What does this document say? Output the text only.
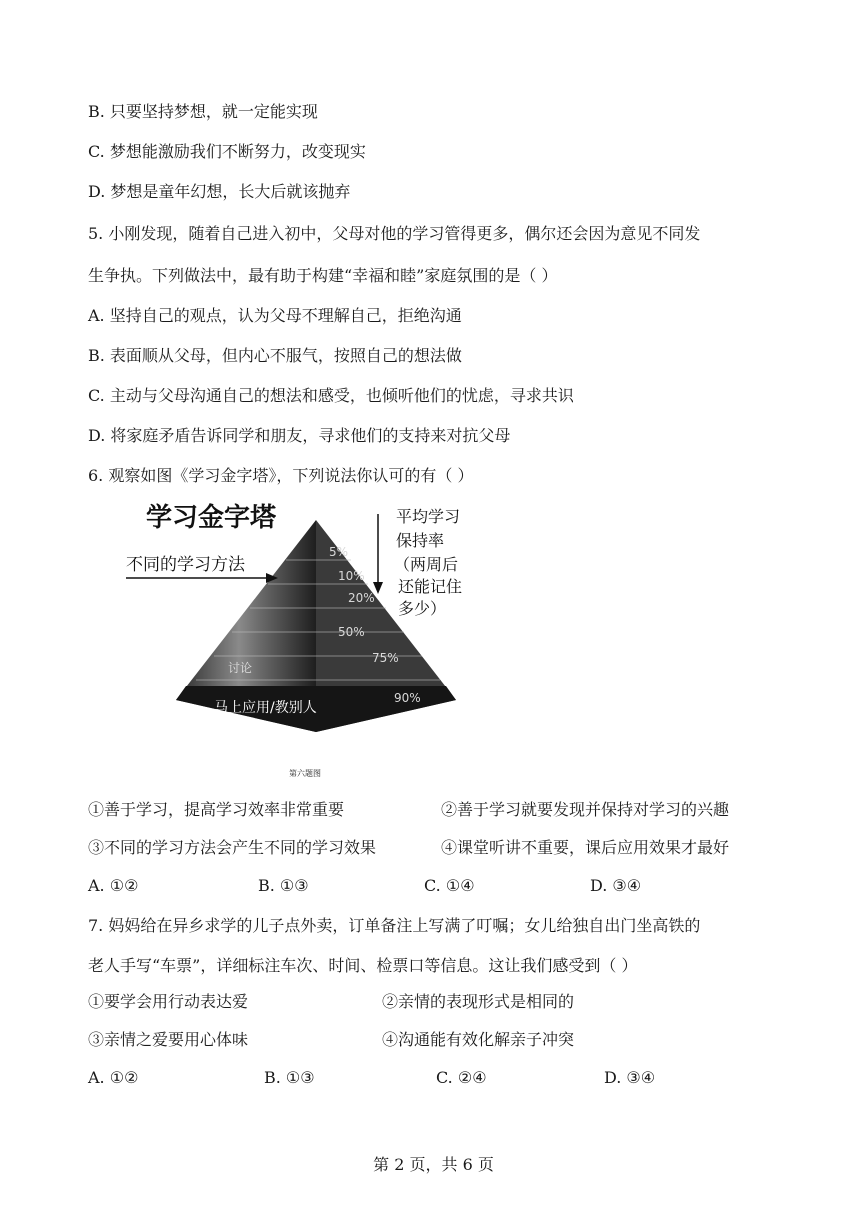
B. 只要坚持梦想，就一定能实现
C. 梦想能激励我们不断努力，改变现实
D. 梦想是童年幻想，长大后就该抛弃
5. 小刚发现，随着自己进入初中，父母对他的学习管得更多，偶尔还会因为意见不同发
生争执。下列做法中，最有助于构建“幸福和睦”家庭氛围的是（ ）
A. 坚持自己的观点，认为父母不理解自己，拒绝沟通
B. 表面顺从父母，但内心不服气，按照自己的想法做
C. 主动与父母沟通自己的想法和感受，也倾听他们的忧虑，寻求共识
D. 将家庭矛盾告诉同学和朋友，寻求他们的支持来对抗父母
6. 观察如图《学习金字塔》，下列说法你认可的有（ ）
学习金字塔
不同的学习方法
平均学习
保持率
（两周后
还能记住
多少）
5%
10%
20%
50%
75%
90%
讨论
马上应用/教别人
第六题图
①善于学习，提高学习效率非常重要	②善于学习就要发现并保持对学习的兴趣
③不同的学习方法会产生不同的学习效果	④课堂听讲不重要，课后应用效果才最好
A. ①②	B. ①③	C. ①④	D. ③④
7. 妈妈给在异乡求学的儿子点外卖，订单备注上写满了叮嘱；女儿给独自出门坐高铁的
老人手写“车票”，详细标注车次、时间、检票口等信息。这让我们感受到（ ）
①要学会用行动表达爱	②亲情的表现形式是相同的
③亲情之爱要用心体味	④沟通能有效化解亲子冲突
A. ①②	B. ①③	C. ②④	D. ③④
第 2 页，共 6 页
